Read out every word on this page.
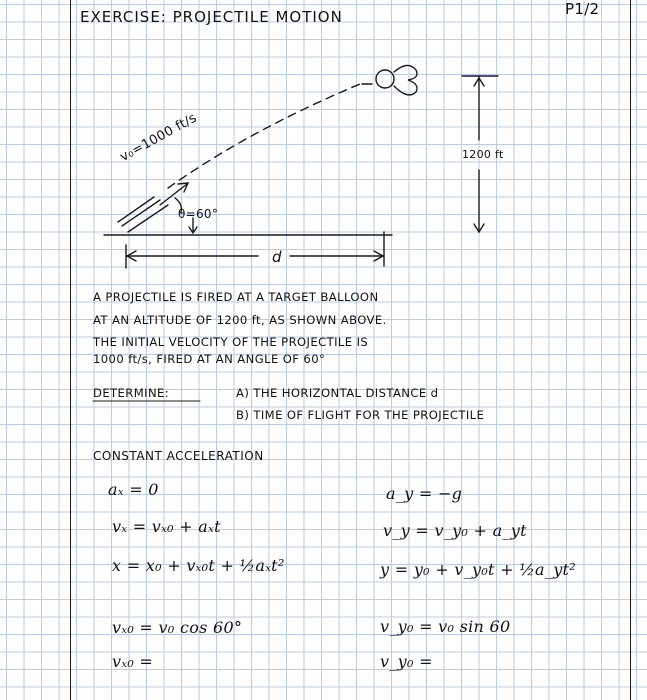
EXERCISE: PROJECTILE MOTION	P1/2
v₀=1000 ft/s
θ=60°
1200 ft
d
A PROJECTILE IS FIRED AT A TARGET BALLOON
AT AN ALTITUDE OF 1200 ft, AS SHOWN ABOVE.
THE INITIAL VELOCITY OF THE PROJECTILE IS
1000 ft/s, FIRED AT AN ANGLE OF 60°
DETERMINE:	A) THE HORIZONTAL DISTANCE d
B) TIME OF FLIGHT FOR THE PROJECTILE
CONSTANT ACCELERATION
aₓ = 0
vₓ = vₓ₀ + aₓt
x = x₀ + vₓ₀t + ½aₓt²
a_y = −g
v_y = v_y₀ + a_yt
y = y₀ + v_y₀t + ½a_yt²
vₓ₀ = v₀ cos 60°
vₓ₀ =
v_y₀ = v₀ sin 60
v_y₀ =
